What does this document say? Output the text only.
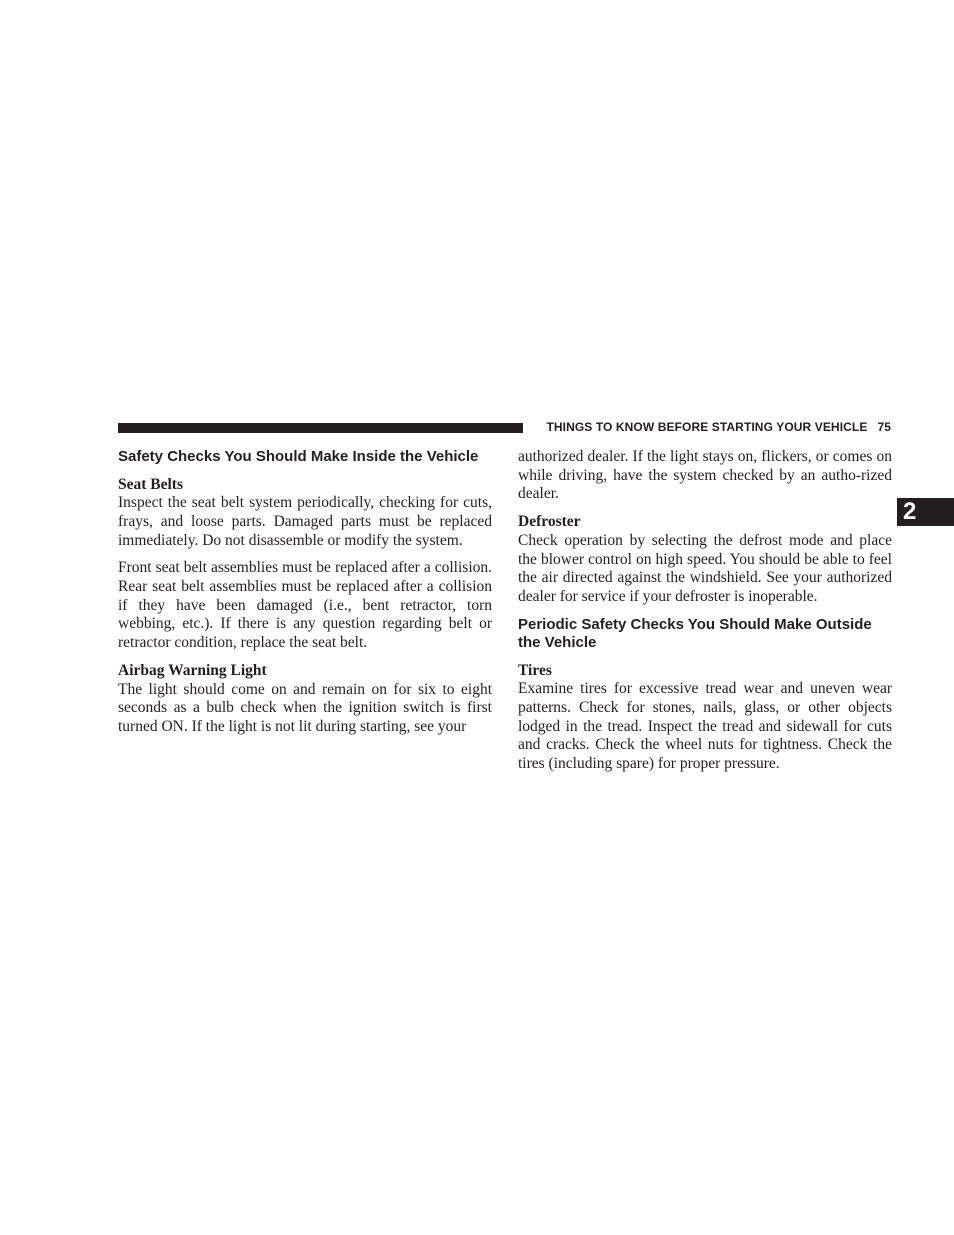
THINGS TO KNOW BEFORE STARTING YOUR VEHICLE 75
2
Safety Checks You Should Make Inside the Vehicle
Seat Belts

Inspect the seat belt system periodically, checking for cuts, frays, and loose parts. Damaged parts must be replaced immediately. Do not disassemble or modify the system.

Front seat belt assemblies must be replaced after a collision. Rear seat belt assemblies must be replaced after a collision if they have been damaged (i.e., bent retractor, torn webbing, etc.). If there is any question regarding belt or retractor condition, replace the seat belt.

Airbag Warning Light

The light should come on and remain on for six to eight seconds as a bulb check when the ignition switch is first turned ON. If the light is not lit during starting, see your

authorized dealer. If the light stays on, flickers, or comes on while driving, have the system checked by an autho-rized dealer.

Defroster

Check operation by selecting the defrost mode and place the blower control on high speed. You should be able to feel the air directed against the windshield. See your authorized dealer for service if your defroster is inoperable.

Periodic Safety Checks You Should Make Outside the Vehicle
Tires

Examine tires for excessive tread wear and uneven wear patterns. Check for stones, nails, glass, or other objects lodged in the tread. Inspect the tread and sidewall for cuts and cracks. Check the wheel nuts for tightness. Check the tires (including spare) for proper pressure.
